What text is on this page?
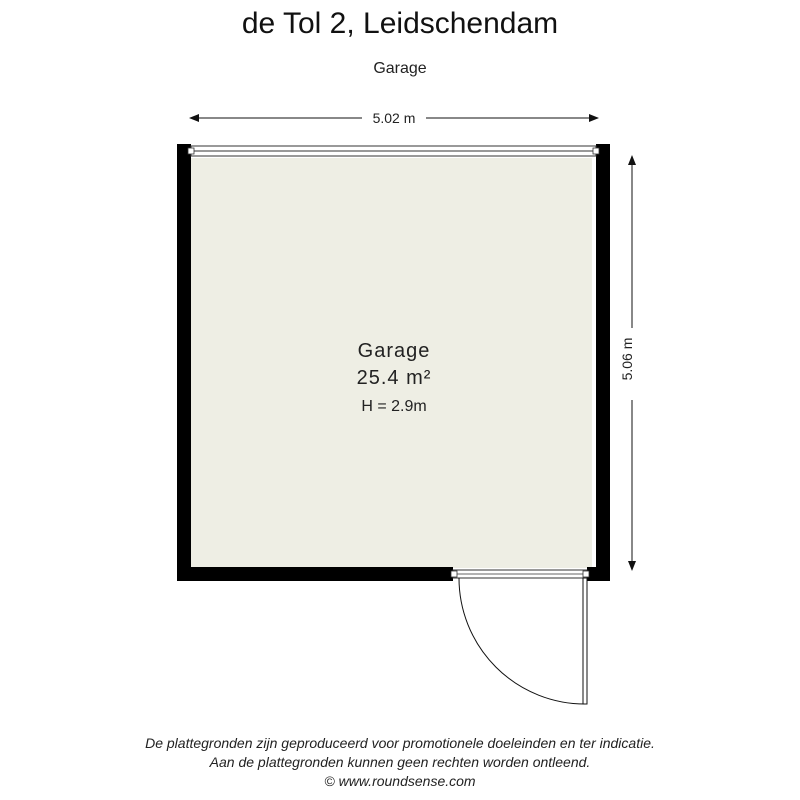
de Tol 2, Leidschendam
Garage
5.02 m
5.06 m
Garage
25.4 m²
H = 2.9m
De plattegronden zijn geproduceerd voor promotionele doeleinden en ter indicatie.
Aan de plattegronden kunnen geen rechten worden ontleend.
© www.roundsense.com
